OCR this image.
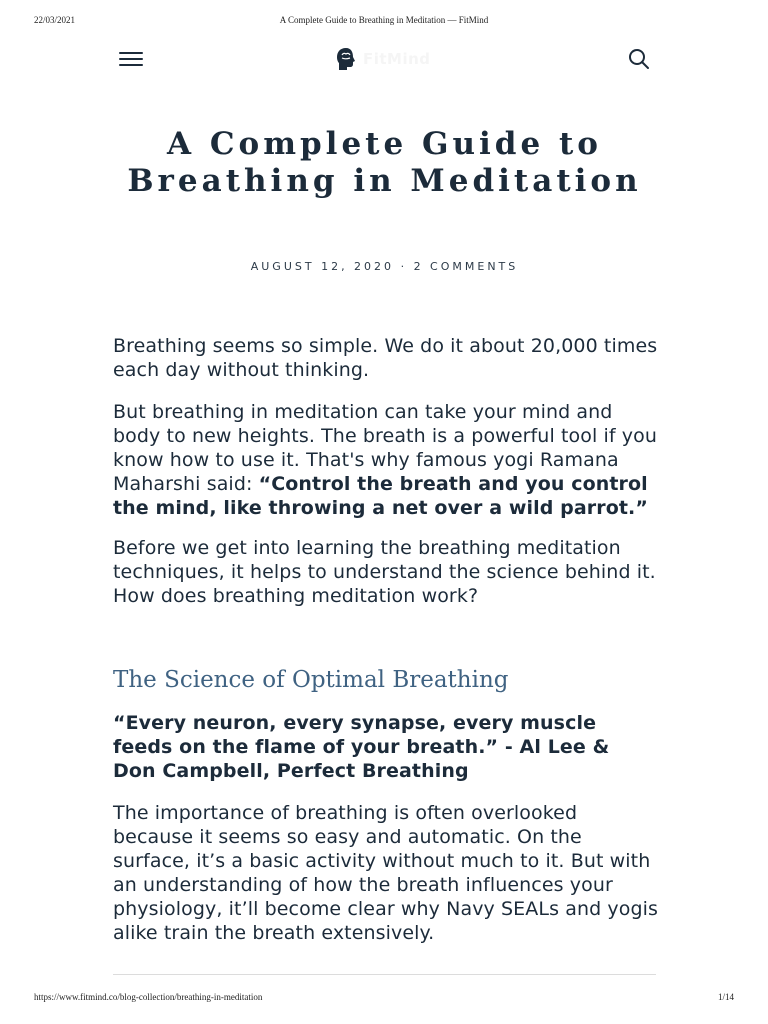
22/03/2021	A Complete Guide to Breathing in Meditation — FitMind
FitMind
A Complete Guide to Breathing in Meditation
AUGUST 12, 2020 · 2 COMMENTS

Breathing seems so simple. We do it about 20,000 times each day without thinking.

But breathing in meditation can take your mind and body to new heights. The breath is a powerful tool if you know how to use it. That's why famous yogi Ramana Maharshi said: “Control the breath and you control the mind, like throwing a net over a wild parrot.”

Before we get into learning the breathing meditation techniques, it helps to understand the science behind it. How does breathing meditation work?

The Science of Optimal Breathing

“Every neuron, every synapse, every muscle feeds on the flame of your breath.” - Al Lee & Don Campbell, Perfect Breathing

The importance of breathing is often overlooked because it seems so easy and automatic. On the surface, it’s a basic activity without much to it. But with an understanding of how the breath influences your physiology, it’ll become clear why Navy SEALs and yogis alike train the breath extensively.

https://www.fitmind.co/blog-collection/breathing-in-meditation	1/14
